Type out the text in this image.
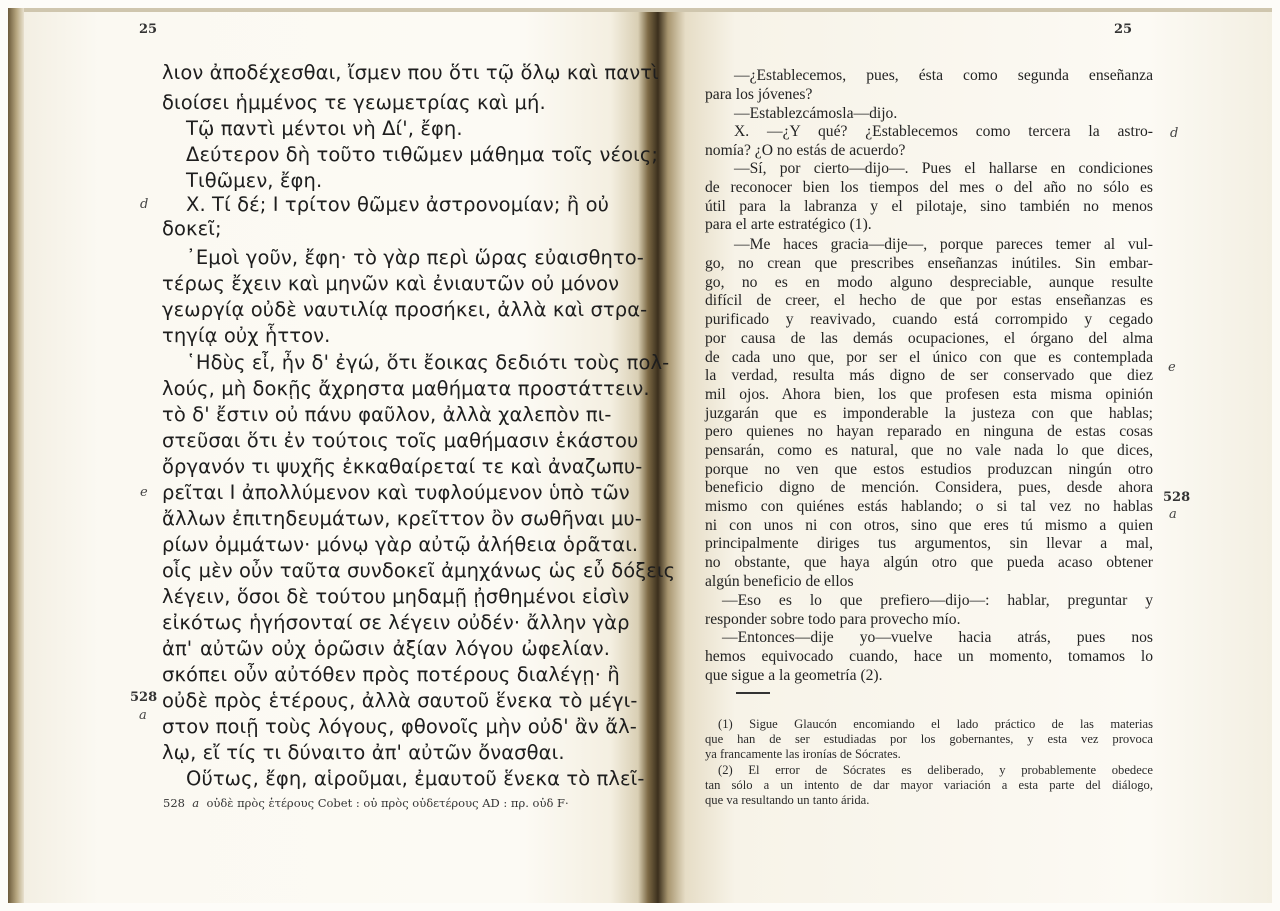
25
λιον ἀποδέχεσθαι, ἴσμεν που ὅτι τῷ ὅλῳ καὶ παντὶ
διοίσει ἡμμένος τε γεωμετρίας καὶ μή.
Τῷ παντὶ μέντοι νὴ Δί', ἔφη.
Δεύτερον δὴ τοῦτο τιθῶμεν μάθημα τοῖς νέοις;
Τιθῶμεν, ἔφη.
Χ. Τί δέ; Ι τρίτον θῶμεν ἀστρονομίαν; ἢ οὐ
δοκεῖ;
᾿Εμοὶ γοῦν, ἔφη· τὸ γὰρ περὶ ὥρας εὐαισθητο-
τέρως ἔχειν καὶ μηνῶν καὶ ἐνιαυτῶν οὐ μόνον
γεωργίᾳ οὐδὲ ναυτιλίᾳ προσήκει, ἀλλὰ καὶ στρα-
τηγίᾳ οὐχ ἧττον.
῾Ηδὺς εἶ, ἦν δ' ἐγώ, ὅτι ἔοικας δεδιότι τοὺς πολ-
λούς, μὴ δοκῇς ἄχρηστα μαθήματα προστάττειν.
τὸ δ' ἔστιν οὐ πάνυ φαῦλον, ἀλλὰ χαλεπὸν πι-
στεῦσαι ὅτι ἐν τούτοις τοῖς μαθήμασιν ἑκάστου
ὄργανόν τι ψυχῆς ἐκκαθαίρεταί τε καὶ ἀναζωπυ-
ρεῖται Ι ἀπολλύμενον καὶ τυφλούμενον ὑπὸ τῶν
ἄλλων ἐπιτηδευμάτων, κρεῖττον ὂν σωθῆναι μυ-
ρίων ὀμμάτων· μόνῳ γὰρ αὐτῷ ἀλήθεια ὁρᾶται.
οἷς μὲν οὖν ταῦτα συνδοκεῖ ἀμηχάνως ὡς εὖ δόξεις
λέγειν, ὅσοι δὲ τούτου μηδαμῇ ᾐσθημένοι εἰσὶν
εἰκότως ἡγήσονταί σε λέγειν οὐδέν· ἄλλην γὰρ
ἀπ' αὐτῶν οὐχ ὁρῶσιν ἀξίαν λόγου ὠφελίαν.
σκόπει οὖν αὐτόθεν πρὸς ποτέρους διαλέγῃ· ἢ
οὐδὲ πρὸς ἑτέρους, ἀλλὰ σαυτοῦ ἕνεκα τὸ μέγι-
στον ποιῇ τοὺς λόγους, φθονοῖς μὴν οὐδ' ἂν ἄλ-
λῳ, εἴ τίς τι δύναιτο ἀπ' αὐτῶν ὄνασθαι.
Οὕτως, ἔφη, αἱροῦμαι, ἐμαυτοῦ ἕνεκα τὸ πλεῖ-
d
e
528
a
528 a οὐδὲ πρὸς ἑτέρους Cobet : οὐ πρὸς οὐδετέρους AD : πρ. οὐδ F·
25
—¿Establecemos, pues, ésta como segunda enseñanza
para los jóvenes?
—Establezcámosla—dijo.
X. —¿Y qué? ¿Establecemos como tercera la astro-
nomía? ¿O no estás de acuerdo?
—Sí, por cierto—dijo—. Pues el hallarse en condiciones
de reconocer bien los tiempos del mes o del año no sólo es
útil para la labranza y el pilotaje, sino también no menos
para el arte estratégico (1).
—Me haces gracia—dije—, porque pareces temer al vul-
go, no crean que prescribes enseñanzas inútiles. Sin embar-
go, no es en modo alguno despreciable, aunque resulte
difícil de creer, el hecho de que por estas enseñanzas es
purificado y reavivado, cuando está corrompido y cegado
por causa de las demás ocupaciones, el órgano del alma
de cada uno que, por ser el único con que es contemplada
la verdad, resulta más digno de ser conservado que diez
mil ojos. Ahora bien, los que profesen esta misma opinión
juzgarán que es imponderable la justeza con que hablas;
pero quienes no hayan reparado en ninguna de estas cosas
pensarán, como es natural, que no vale nada lo que dices,
porque no ven que estos estudios produzcan ningún otro
beneficio digno de mención. Considera, pues, desde ahora
mismo con quiénes estás hablando; o si tal vez no hablas
ni con unos ni con otros, sino que eres tú mismo a quien
principalmente diriges tus argumentos, sin llevar a mal,
no obstante, que haya algún otro que pueda acaso obtener
algún beneficio de ellos
—Eso es lo que prefiero—dijo—: hablar, preguntar y
responder sobre todo para provecho mío.
—Entonces—dije yo—vuelve hacia atrás, pues nos
hemos equivocado cuando, hace un momento, tomamos lo
que sigue a la geometría (2).
d
e
528
a
(1) Sigue Glaucón encomiando el lado práctico de las materias
que han de ser estudiadas por los gobernantes, y esta vez provoca
ya francamente las ironías de Sócrates.
(2) El error de Sócrates es deliberado, y probablemente obedece
tan sólo a un intento de dar mayor variación a esta parte del diálogo,
que va resultando un tanto árida.
